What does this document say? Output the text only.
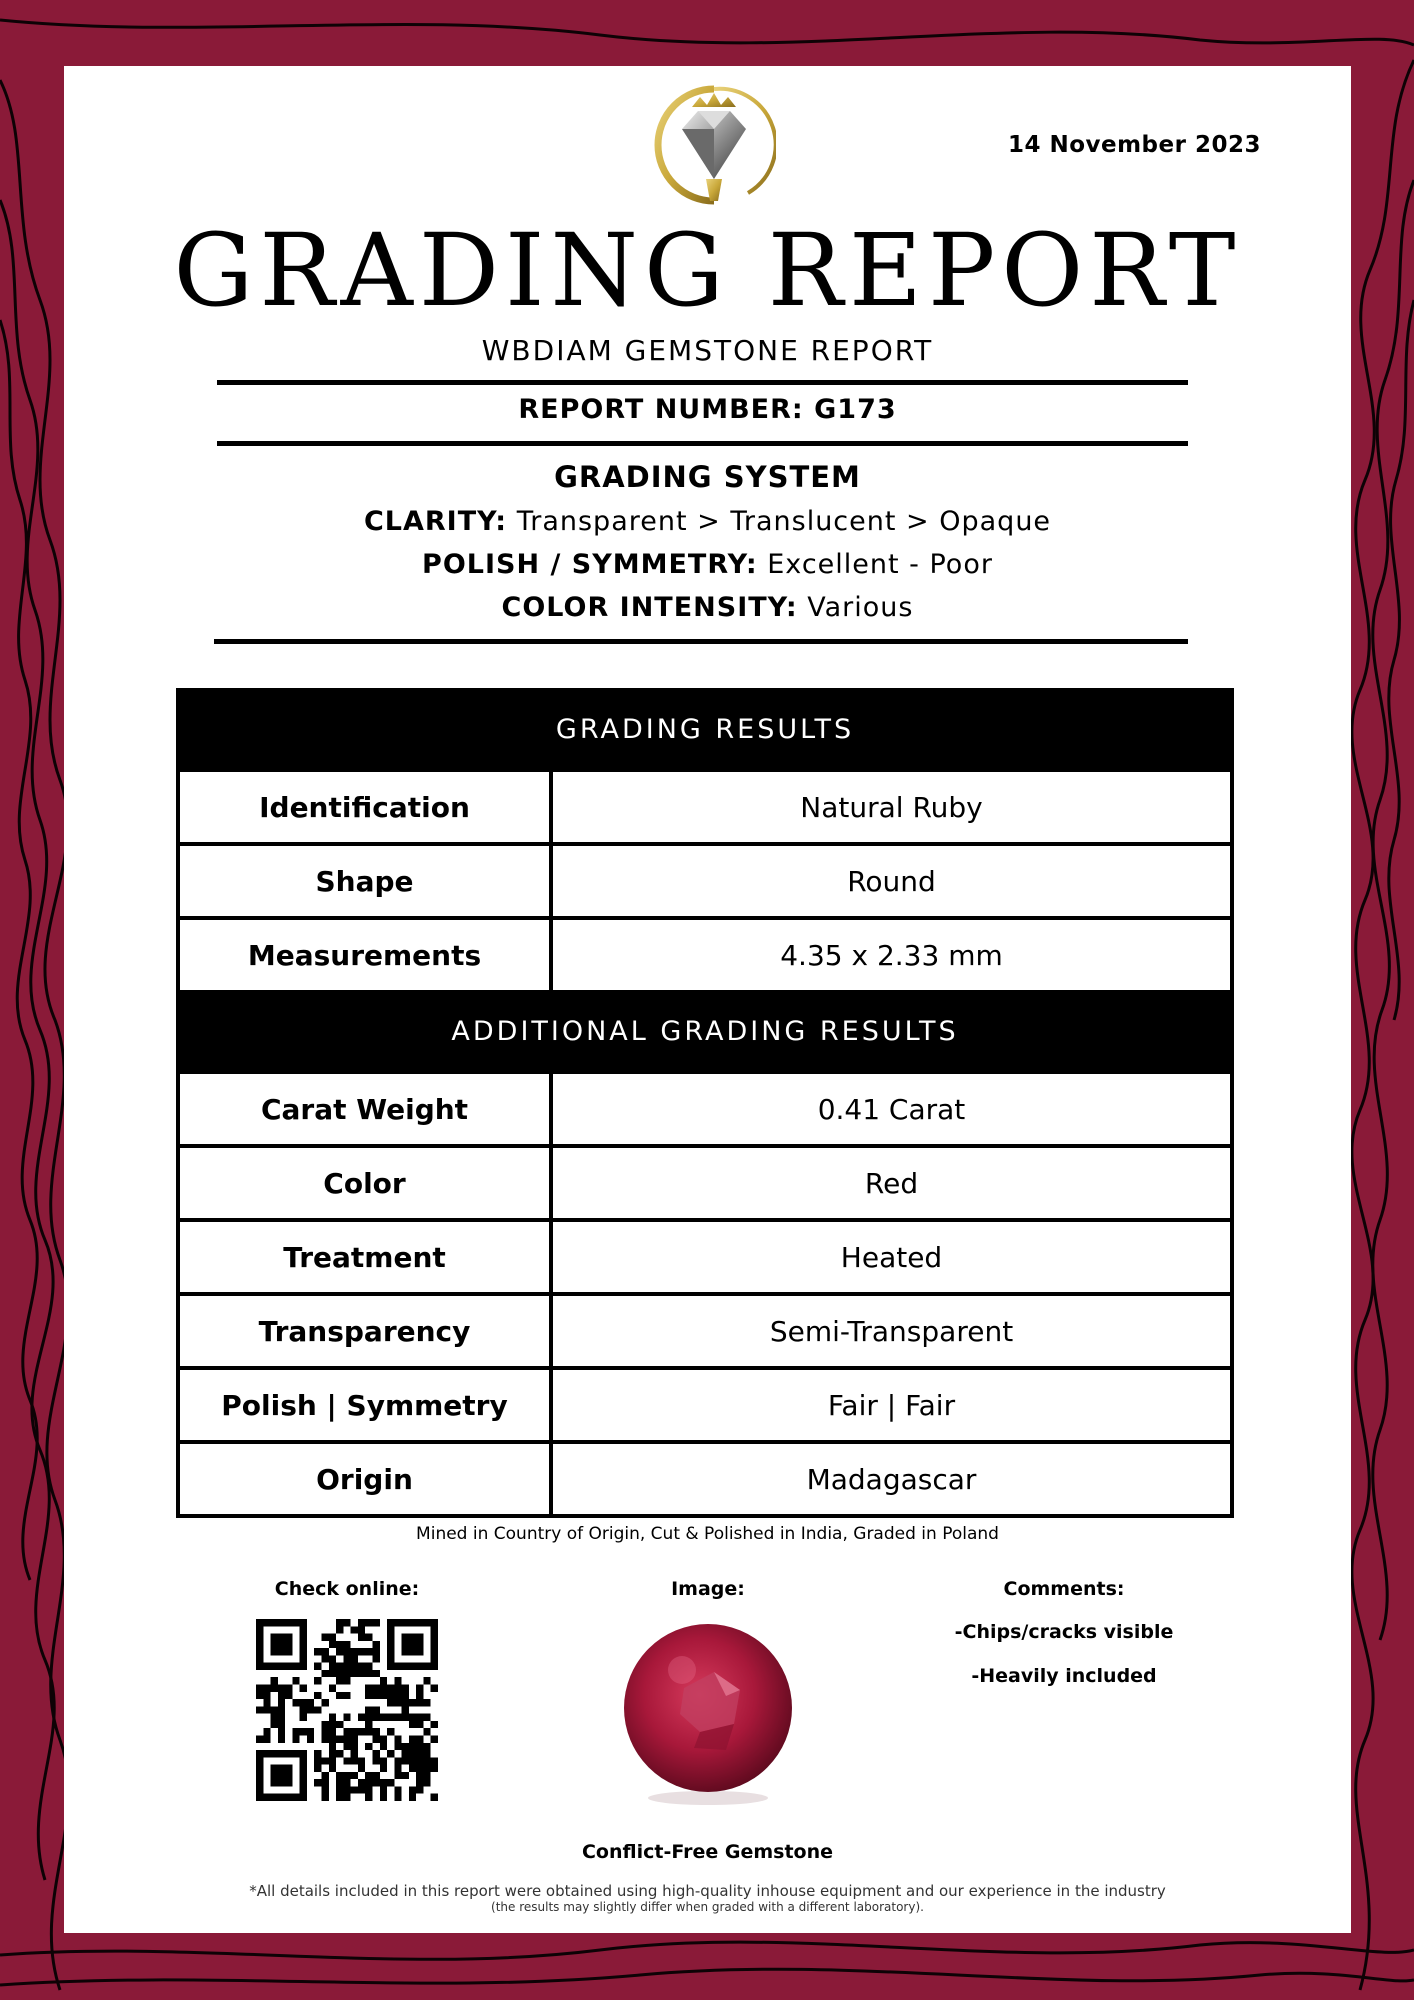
14 November 2023
GRADING REPORT
WBDIAM GEMSTONE REPORT
REPORT NUMBER: G173
GRADING SYSTEM
CLARITY: Transparent > Translucent > Opaque
POLISH / SYMMETRY: Excellent - Poor
COLOR INTENSITY: Various
GRADING RESULTS
Identification	Natural Ruby
Shape	Round
Measurements	4.35 x 2.33 mm
ADDITIONAL GRADING RESULTS
Carat Weight	0.41 Carat
Color	Red
Treatment	Heated
Transparency	Semi-Transparent
Polish | Symmetry	Fair | Fair
Origin	Madagascar
Mined in Country of Origin, Cut & Polished in India, Graded in Poland
Check online:	Image:	Comments:
-Chips/cracks visible
-Heavily included
Conflict-Free Gemstone
*All details included in this report were obtained using high-quality inhouse equipment and our experience in the industry
(the results may slightly differ when graded with a different laboratory).
